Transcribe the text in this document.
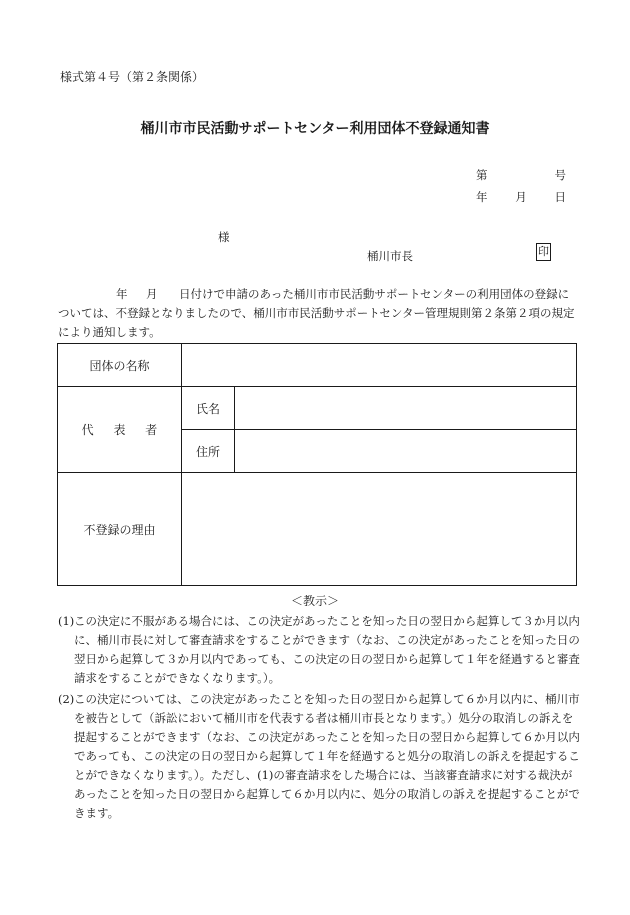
様式第４号（第２条関係）
桶川市市民活動サポートセンター利用団体不登録通知書
第	号
年 月 日
様
桶川市長	印
年 月 日付けで申請のあった桶川市市民活動サポートセンターの利用団体の登録については、不登録となりましたので、桶川市市民活動サポートセンター管理規則第２条第２項の規定により通知します。
団体の名称		
代 表 者	氏名	
	住所	
不登録の理由		
＜教示＞
(1) この決定に不服がある場合には、この決定があったことを知った日の翌日から起算して３か月以内に、桶川市長に対して審査請求をすることができます（なお、この決定があったことを知った日の翌日から起算して３か月以内であっても、この決定の日の翌日から起算して１年を経過すると審査請求をすることができなくなります。）。
(2) この決定については、この決定があったことを知った日の翌日から起算して６か月以内に、桶川市を被告として（訴訟において桶川市を代表する者は桶川市長となります。）処分の取消しの訴えを提起することができます（なお、この決定があったことを知った日の翌日から起算して６か月以内であっても、この決定の日の翌日から起算して１年を経過すると処分の取消しの訴えを提起することができなくなります。）。ただし、(1)の審査請求をした場合には、当該審査請求に対する裁決があったことを知った日の翌日から起算して６か月以内に、処分の取消しの訴えを提起することができます。
